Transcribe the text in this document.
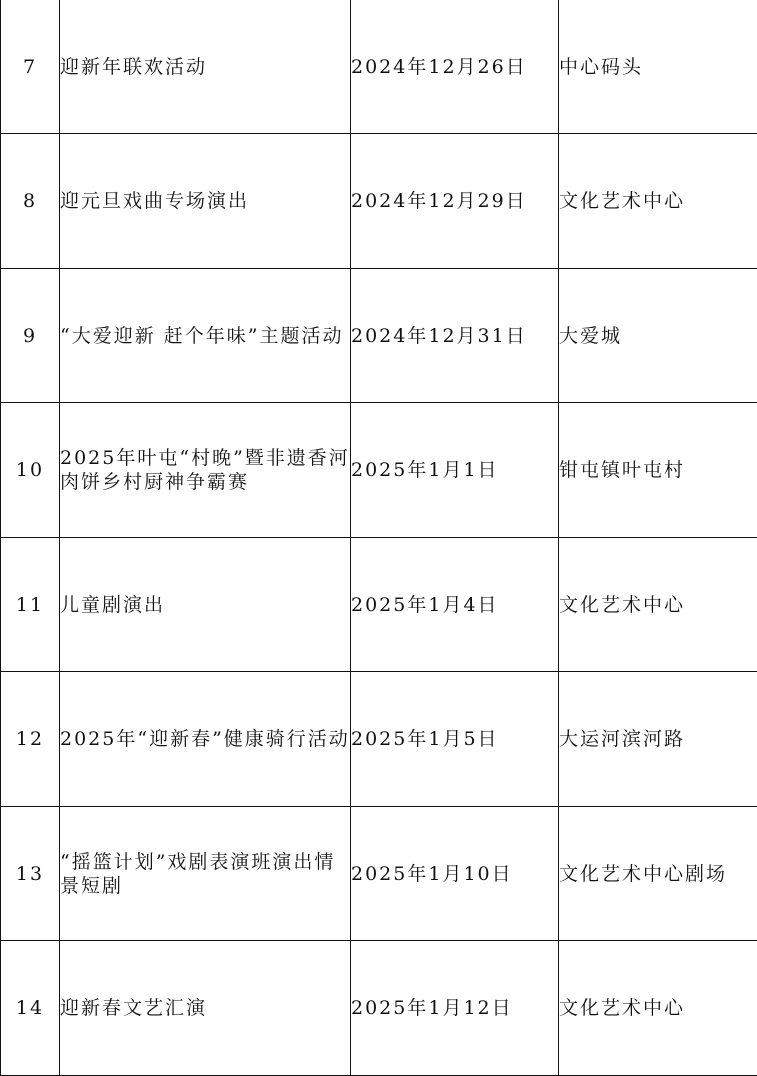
7	迎新年联欢活动	2024年12月26日	中心码头
8	迎元旦戏曲专场演出	2024年12月29日	文化艺术中心
9	“大爱迎新 赶个年味”主题活动	2024年12月31日	大爱城
10	2025年叶屯“村晚”暨非遗香河肉饼乡村厨神争霸赛	2025年1月1日	钳屯镇叶屯村
11	儿童剧演出	2025年1月4日	文化艺术中心
12	2025年“迎新春”健康骑行活动	2025年1月5日	大运河滨河路
13	“摇篮计划”戏剧表演班演出情景短剧	2025年1月10日	文化艺术中心剧场
14	迎新春文艺汇演	2025年1月12日	文化艺术中心
